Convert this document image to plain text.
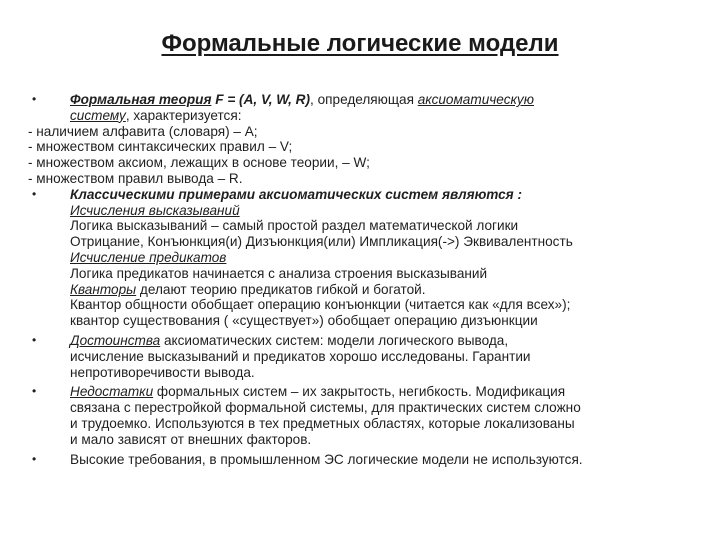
Формальные логические модели
• Формальная теория F = (A, V, W, R), определяющая аксиоматическую
систему, характеризуется:
- наличием алфавита (словаря) – A;
- множеством синтаксических правил – V;
- множеством аксиом, лежащих в основе теории, – W;
- множеством правил вывода – R.
• Классическими примерами аксиоматических систем являются :
Исчисления высказываний
Логика высказываний – самый простой раздел математической логики
Отрицание, Конъюнкция(и) Дизъюнкция(или) Импликация(->) Эквивалентность
Исчисление предикатов
Логика предикатов начинается с анализа строения высказываний
Кванторы делают теорию предикатов гибкой и богатой.
Квантор общности обобщает операцию конъюнкции (читается как «для всех»);
квантор существования ( «существует») обобщает операцию дизъюнкции
• Достоинства аксиоматических систем: модели логического вывода,
исчисление высказываний и предикатов хорошо исследованы. Гарантии
непротиворечивости вывода.
• Недостатки формальных систем – их закрытость, негибкость. Модификация
связана с перестройкой формальной системы, для практических систем сложно
и трудоемко. Используются в тех предметных областях, которые локализованы
и мало зависят от внешних факторов.
• Высокие требования, в промышленном ЭС логические модели не используются.
